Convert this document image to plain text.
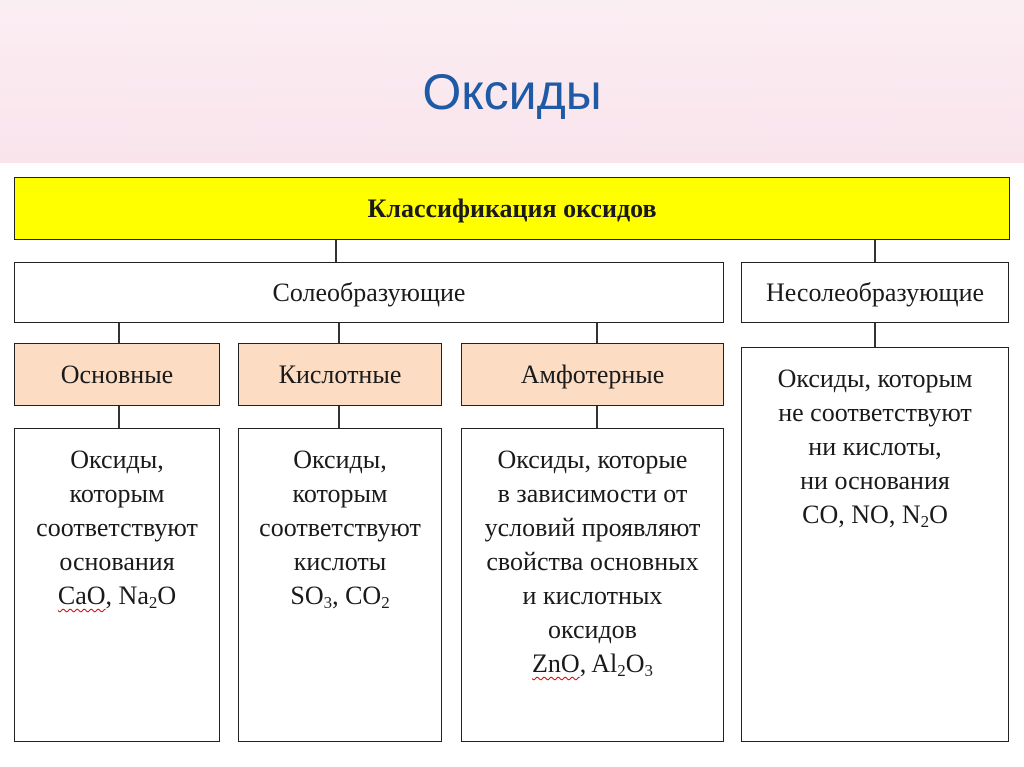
Оксиды
Классификация оксидов
Солеобразующие	Несолеобразующие
Основные	Кислотные	Амфотерные
Оксиды,
которым
соответствуют
основания
CaO, $Na_2O$
Оксиды,
которым
соответствуют
кислоты
$SO_3$, $CO_2$
Оксиды, которые
в зависимости от
условий проявляют
свойства основных
и кислотных
оксидов
ZnO, $Al_2O_3$
Оксиды, которым
не соответствуют
ни кислоты,
ни основания
CO, NO, $N_2O$
